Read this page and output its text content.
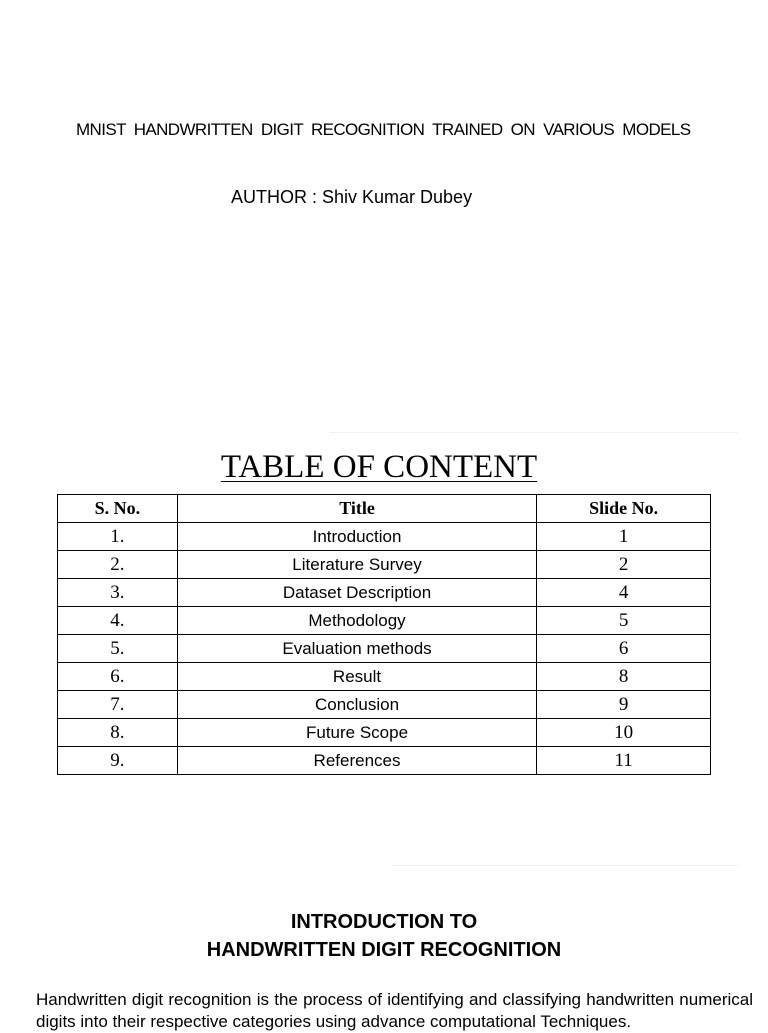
MNIST HANDWRITTEN DIGIT RECOGNITION TRAINED ON VARIOUS MODELS
AUTHOR : Shiv Kumar Dubey
TABLE OF CONTENT
S. No.	Title	Slide No.
1.	Introduction	1
2.	Literature Survey	2
3.	Dataset Description	4
4.	Methodology	5
5.	Evaluation methods	6
6.	Result	8
7.	Conclusion	9
8.	Future Scope	10
9.	References	11
INTRODUCTION TO
HANDWRITTEN DIGIT RECOGNITION
Handwritten digit recognition is the process of identifying and classifying handwritten numerical digits into their respective categories using advance computational Techniques.
